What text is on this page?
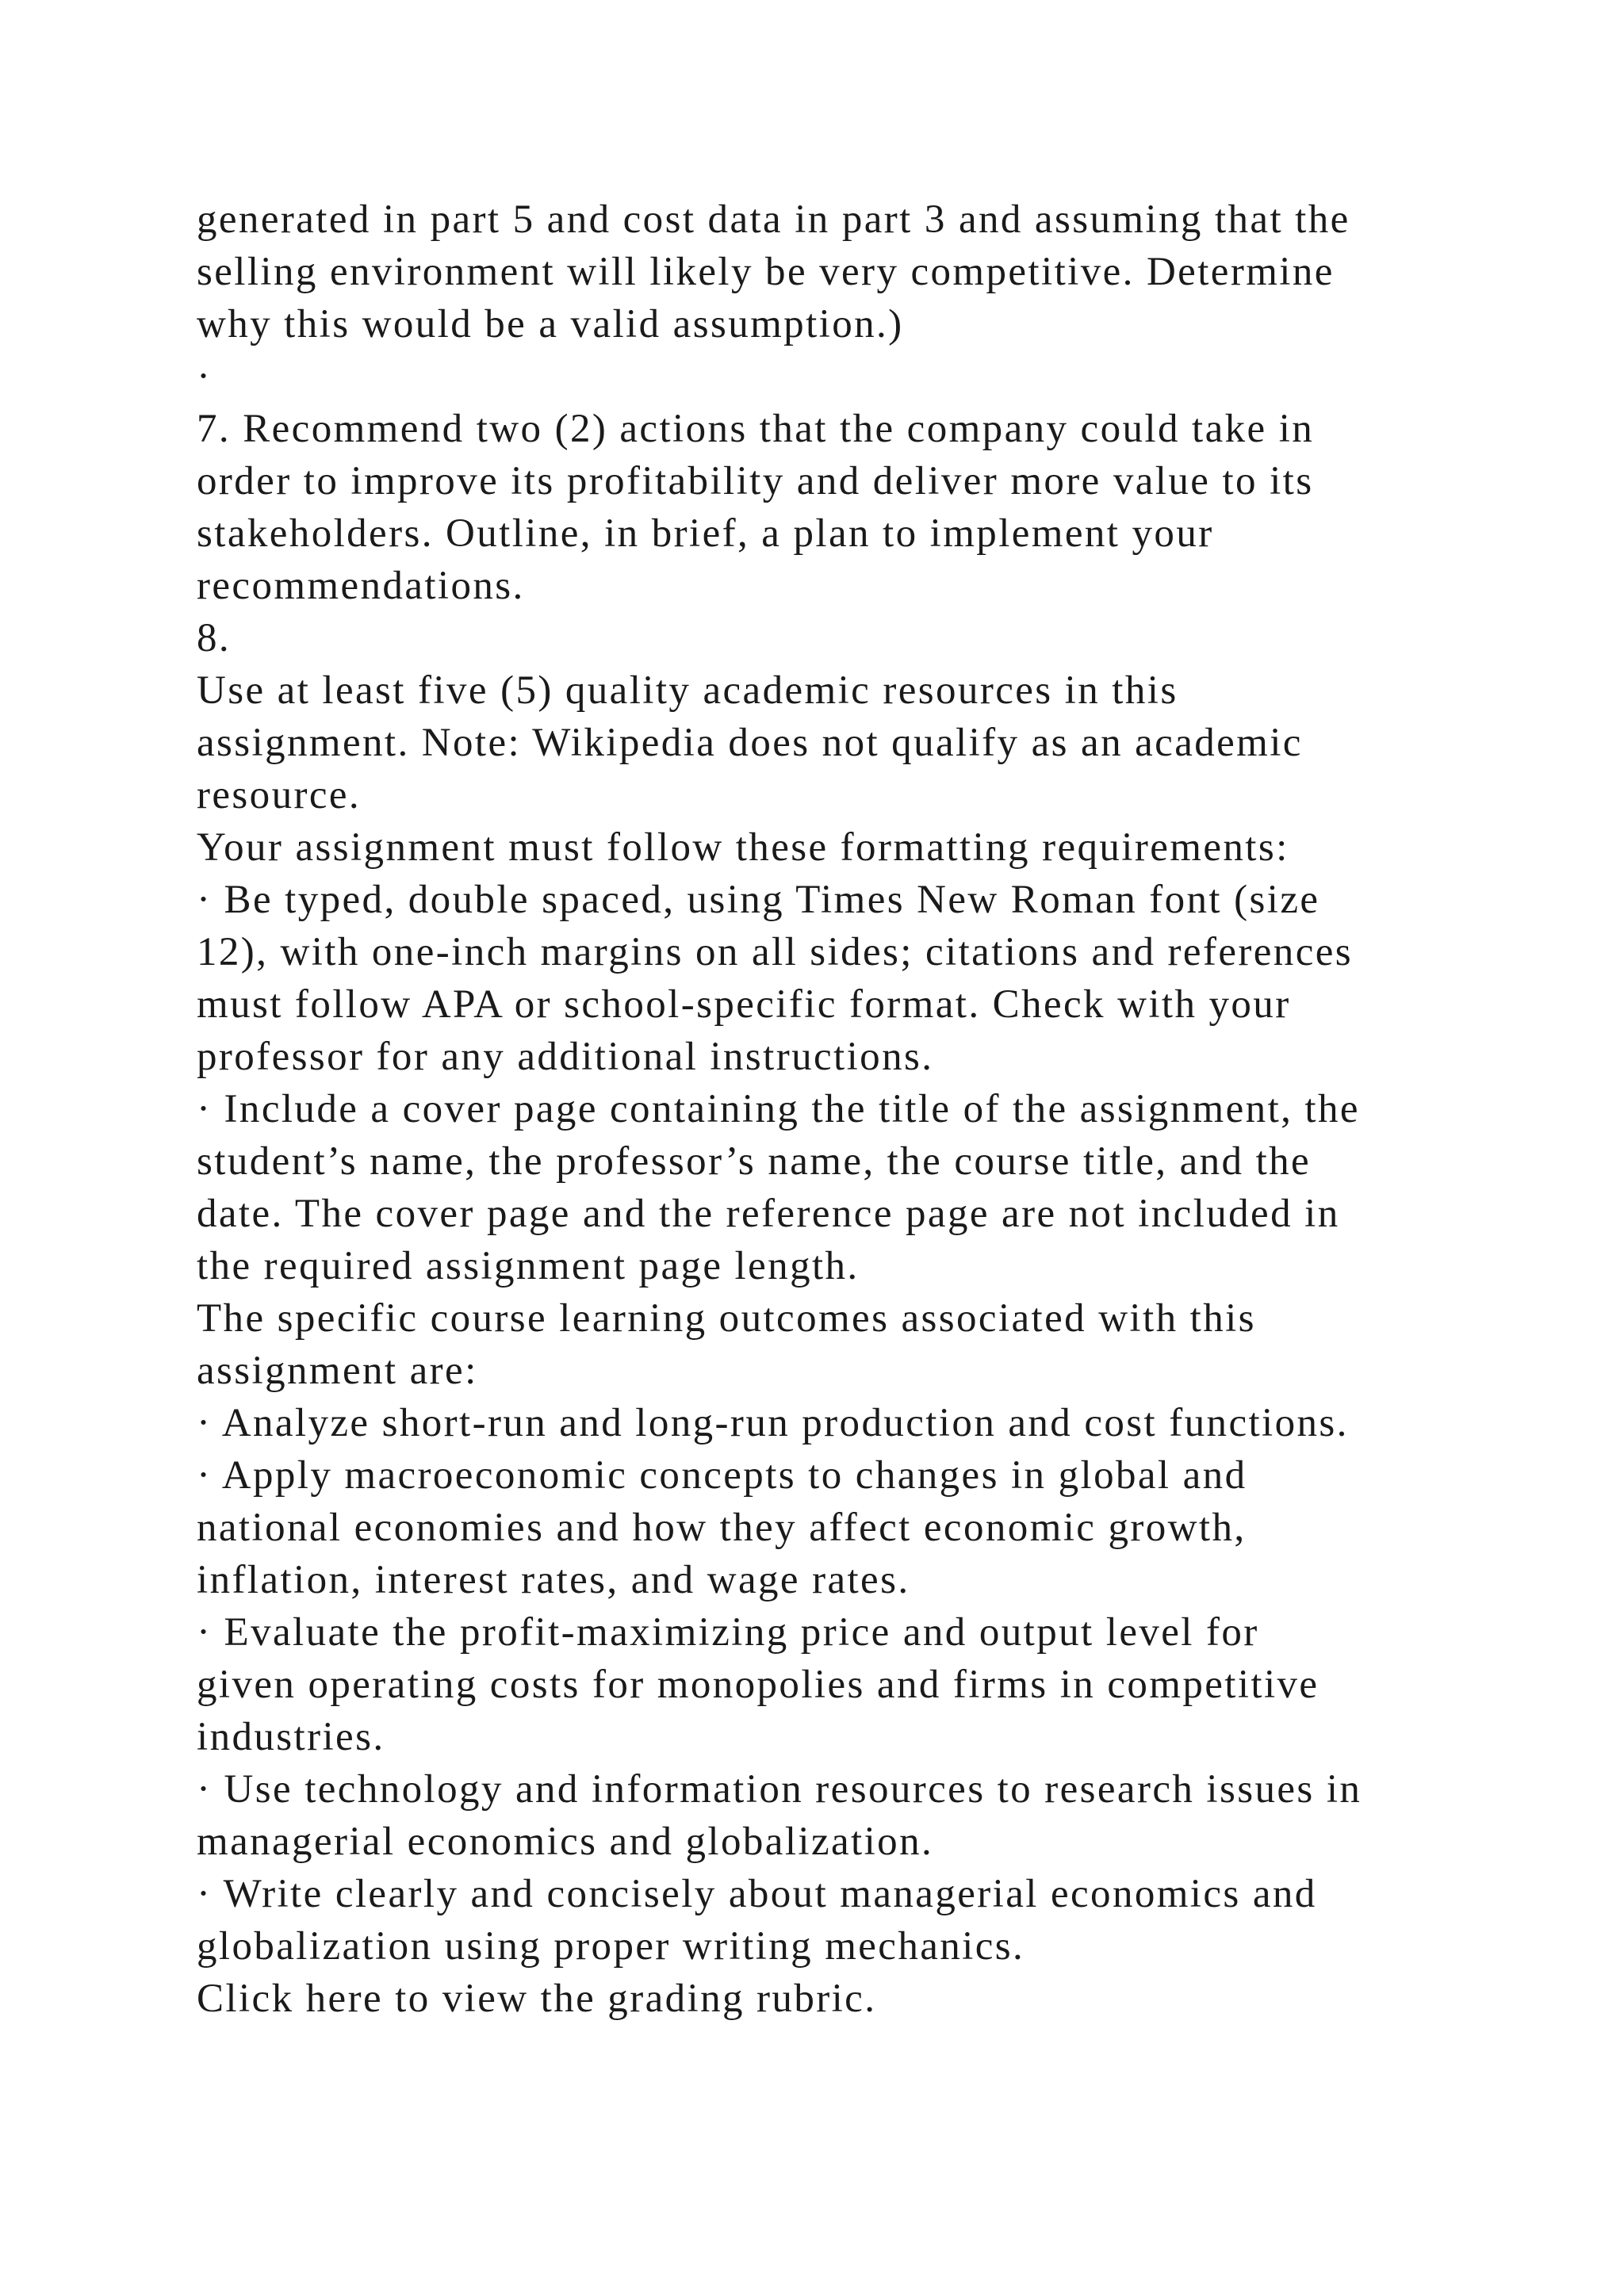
generated in part 5 and cost data in part 3 and assuming that the
selling environment will likely be very competitive. Determine
why this would be a valid assumption.)
·
7. Recommend two (2) actions that the company could take in
order to improve its profitability and deliver more value to its
stakeholders. Outline, in brief, a plan to implement your
recommendations.
8.
Use at least five (5) quality academic resources in this
assignment. Note: Wikipedia does not qualify as an academic
resource.
Your assignment must follow these formatting requirements:
· Be typed, double spaced, using Times New Roman font (size
12), with one-inch margins on all sides; citations and references
must follow APA or school-specific format. Check with your
professor for any additional instructions.
· Include a cover page containing the title of the assignment, the
student’s name, the professor’s name, the course title, and the
date. The cover page and the reference page are not included in
the required assignment page length.
The specific course learning outcomes associated with this
assignment are:
· Analyze short-run and long-run production and cost functions.
· Apply macroeconomic concepts to changes in global and
national economies and how they affect economic growth,
inflation, interest rates, and wage rates.
· Evaluate the profit-maximizing price and output level for
given operating costs for monopolies and firms in competitive
industries.
· Use technology and information resources to research issues in
managerial economics and globalization.
· Write clearly and concisely about managerial economics and
globalization using proper writing mechanics.
Click here to view the grading rubric.
